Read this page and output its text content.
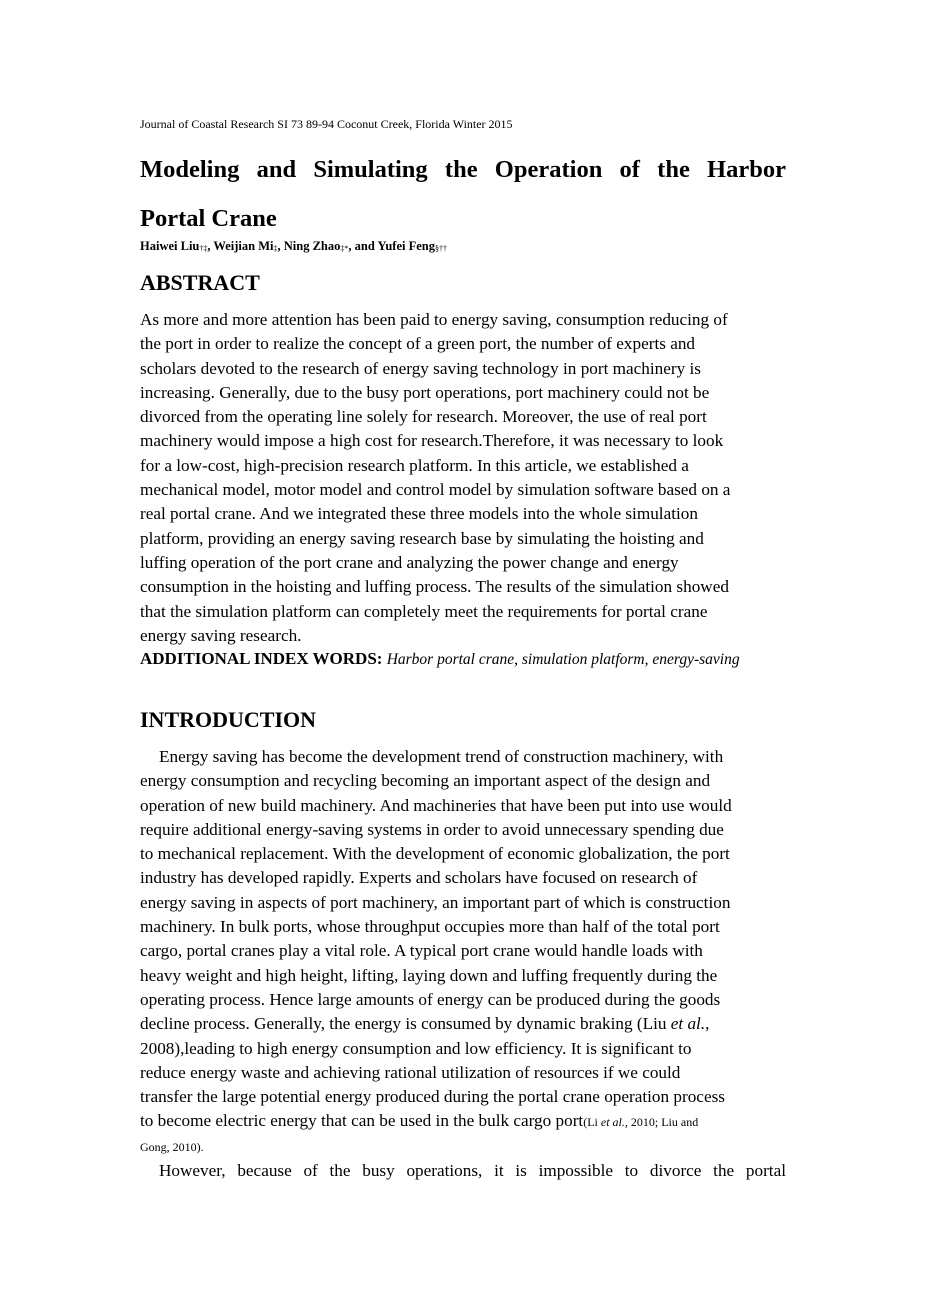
Journal of Coastal Research SI 73 89-94 Coconut Creek, Florida Winter 2015
Modeling and Simulating the Operation of the Harbor
Portal Crane
Haiwei Liu$_{\dagger\ddagger}$, Weijian $Mi_\ddagger$, Ning Zhao$_{\ddagger*}$, and Yufei Feng$_{\S\dagger\dagger}$
ABSTRACT
As more and more attention has been paid to energy saving, consumption reducing of
the port in order to realize the concept of a green port, the number of experts and
scholars devoted to the research of energy saving technology in port machinery is
increasing. Generally, due to the busy port operations, port machinery could not be
divorced from the operating line solely for research. Moreover, the use of real port
machinery would impose a high cost for research.Therefore, it was necessary to look
for a low-cost, high-precision research platform. In this article, we established a
mechanical model, motor model and control model by simulation software based on a
real portal crane. And we integrated these three models into the whole simulation
platform, providing an energy saving research base by simulating the hoisting and
luffing operation of the port crane and analyzing the power change and energy
consumption in the hoisting and luffing process. The results of the simulation showed
that the simulation platform can completely meet the requirements for portal crane
energy saving research.
ADDITIONAL INDEX WORDS: Harbor portal crane, simulation platform, energy-saving
INTRODUCTION
Energy saving has become the development trend of construction machinery, with
energy consumption and recycling becoming an important aspect of the design and
operation of new build machinery. And machineries that have been put into use would
require additional energy-saving systems in order to avoid unnecessary spending due
to mechanical replacement. With the development of economic globalization, the port
industry has developed rapidly. Experts and scholars have focused on research of
energy saving in aspects of port machinery, an important part of which is construction
machinery. In bulk ports, whose throughput occupies more than half of the total port
cargo, portal cranes play a vital role. A typical port crane would handle loads with
heavy weight and high height, lifting, laying down and luffing frequently during the
operating process. Hence large amounts of energy can be produced during the goods
decline process. Generally, the energy is consumed by dynamic braking (Liu et al.,
2008),leading to high energy consumption and low efficiency. It is significant to
reduce energy waste and achieving rational utilization of resources if we could
transfer the large potential energy produced during the portal crane operation process
to become electric energy that can be used in the bulk cargo port(Li et al., 2010; Liu and
Gong, 2010).
However, because of the busy operations, it is impossible to divorce the portal
